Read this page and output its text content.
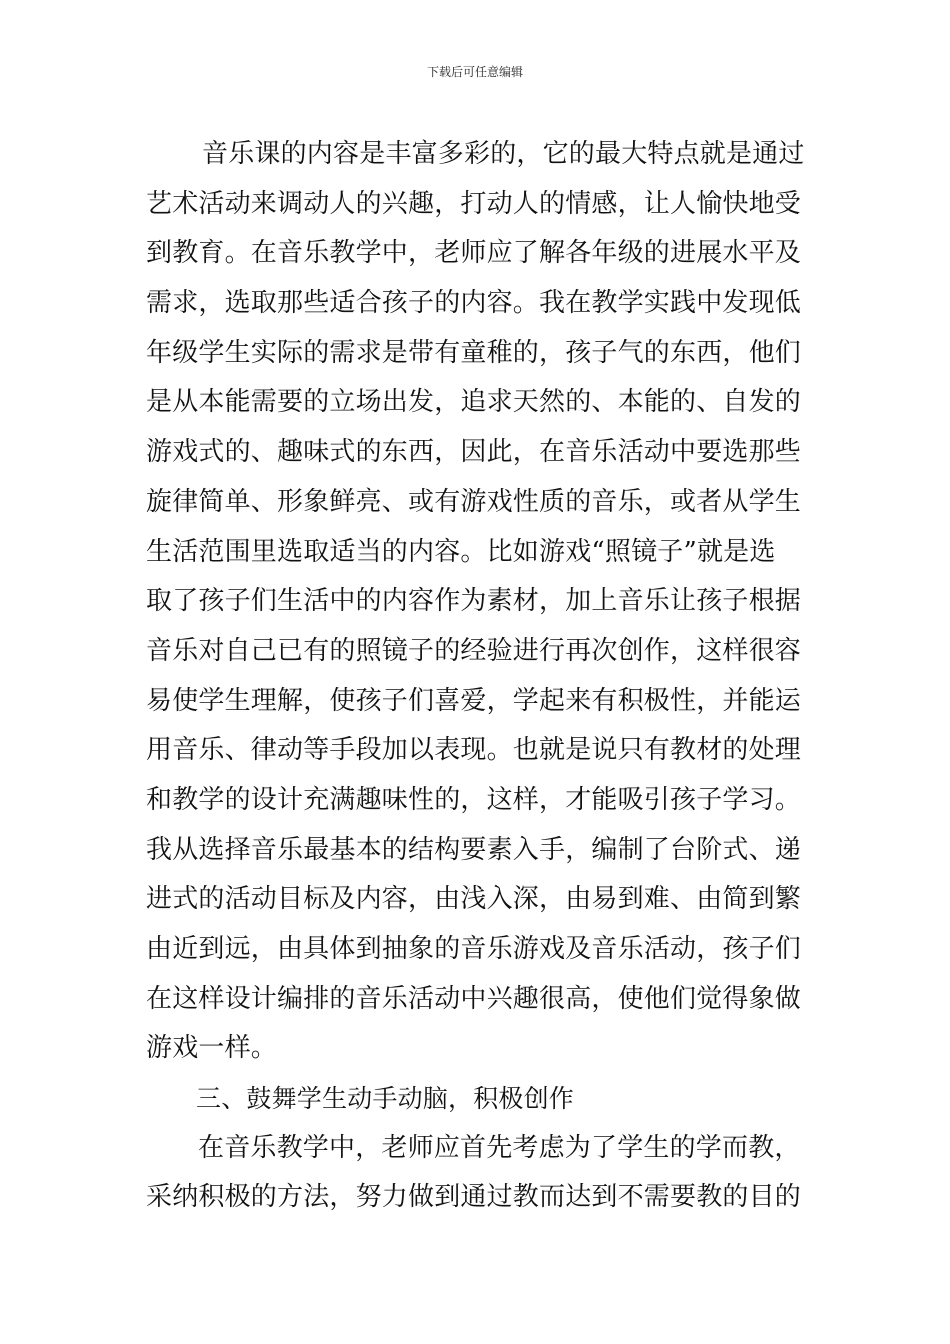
下载后可任意编辑
音乐课的内容是丰富多彩的，它的最大特点就是通过
艺术活动来调动人的兴趣，打动人的情感，让人愉快地受
到教育。在音乐教学中，老师应了解各年级的进展水平及
需求，选取那些适合孩子的内容。我在教学实践中发现低
年级学生实际的需求是带有童稚的，孩子气的东西，他们
是从本能需要的立场出发，追求天然的、本能的、自发的
游戏式的、趣味式的东西，因此，在音乐活动中要选那些
旋律简单、形象鲜亮、或有游戏性质的音乐，或者从学生
生活范围里选取适当的内容。比如游戏“照镜子”就是选
取了孩子们生活中的内容作为素材，加上音乐让孩子根据
音乐对自己已有的照镜子的经验进行再次创作，这样很容
易使学生理解，使孩子们喜爱，学起来有积极性，并能运
用音乐、律动等手段加以表现。也就是说只有教材的处理
和教学的设计充满趣味性的，这样，才能吸引孩子学习。
我从选择音乐最基本的结构要素入手，编制了台阶式、递
进式的活动目标及内容，由浅入深，由易到难、由简到繁
由近到远，由具体到抽象的音乐游戏及音乐活动，孩子们
在这样设计编排的音乐活动中兴趣很高，使他们觉得象做
游戏一样。
三、鼓舞学生动手动脑，积极创作
在音乐教学中，老师应首先考虑为了学生的学而教，
采纳积极的方法，努力做到通过教而达到不需要教的目的
